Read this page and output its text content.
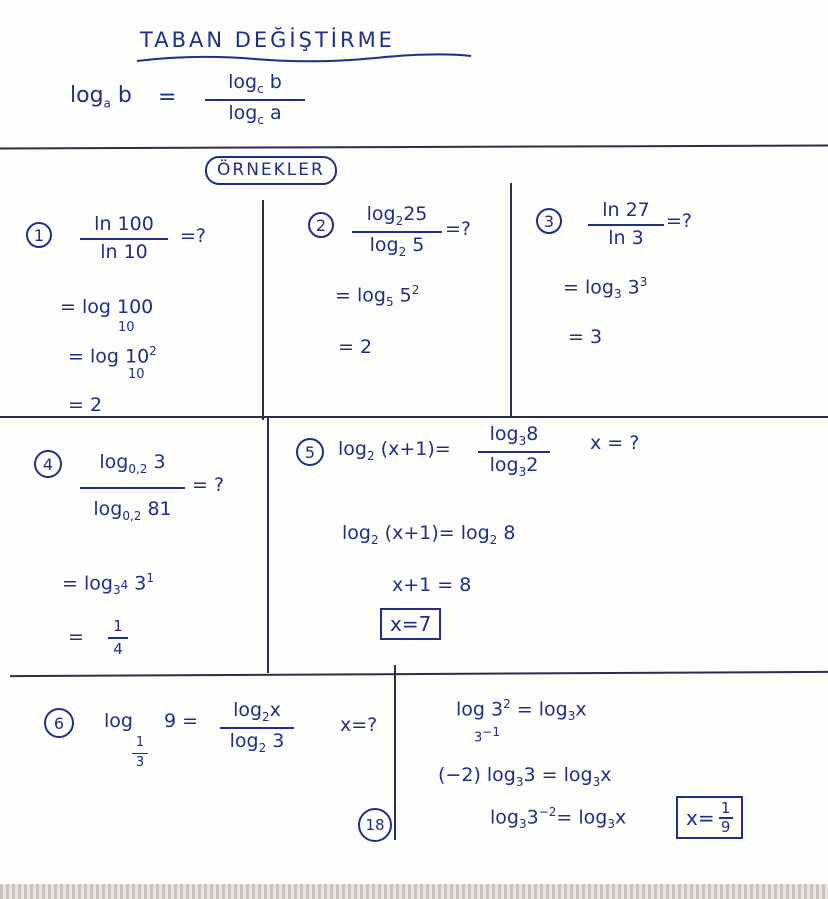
TABAN DEĞİŞTİRME
$\log_a b$ =
$\log_c b$
$\log_c a$
ÖRNEKLER
1	ln 100
ln 10
=?
= log 100
10
= $\log 10^2$
10
= 2
2	$\log_225$
$\log_2 5$
=?
= $\log_5 5^2$
= 2
3	ln 27
ln 3
=?
= $\log_3 3^3$
= 3
4	$\log_{0,2} 3$
$\log_{0,2} 81$
= ?
= $\log_{3^4} 3^1$
= 1
4
5	$\log_2 (x+1)=$
$\log_38$
$\log_32$
x = ?
$\log_2 (x+1)= \log_2 8$
x+1 = 8
x=7
6	log
1
3
$9 = \log_2x$
$\log_2 3$
x=?
$\log 3^2 = \log_3x$
$3^{-1}$
(−2) $\log_33 = \log_3x$
$\log_33^{-2}= \log_3x$	x= 1
9
18
